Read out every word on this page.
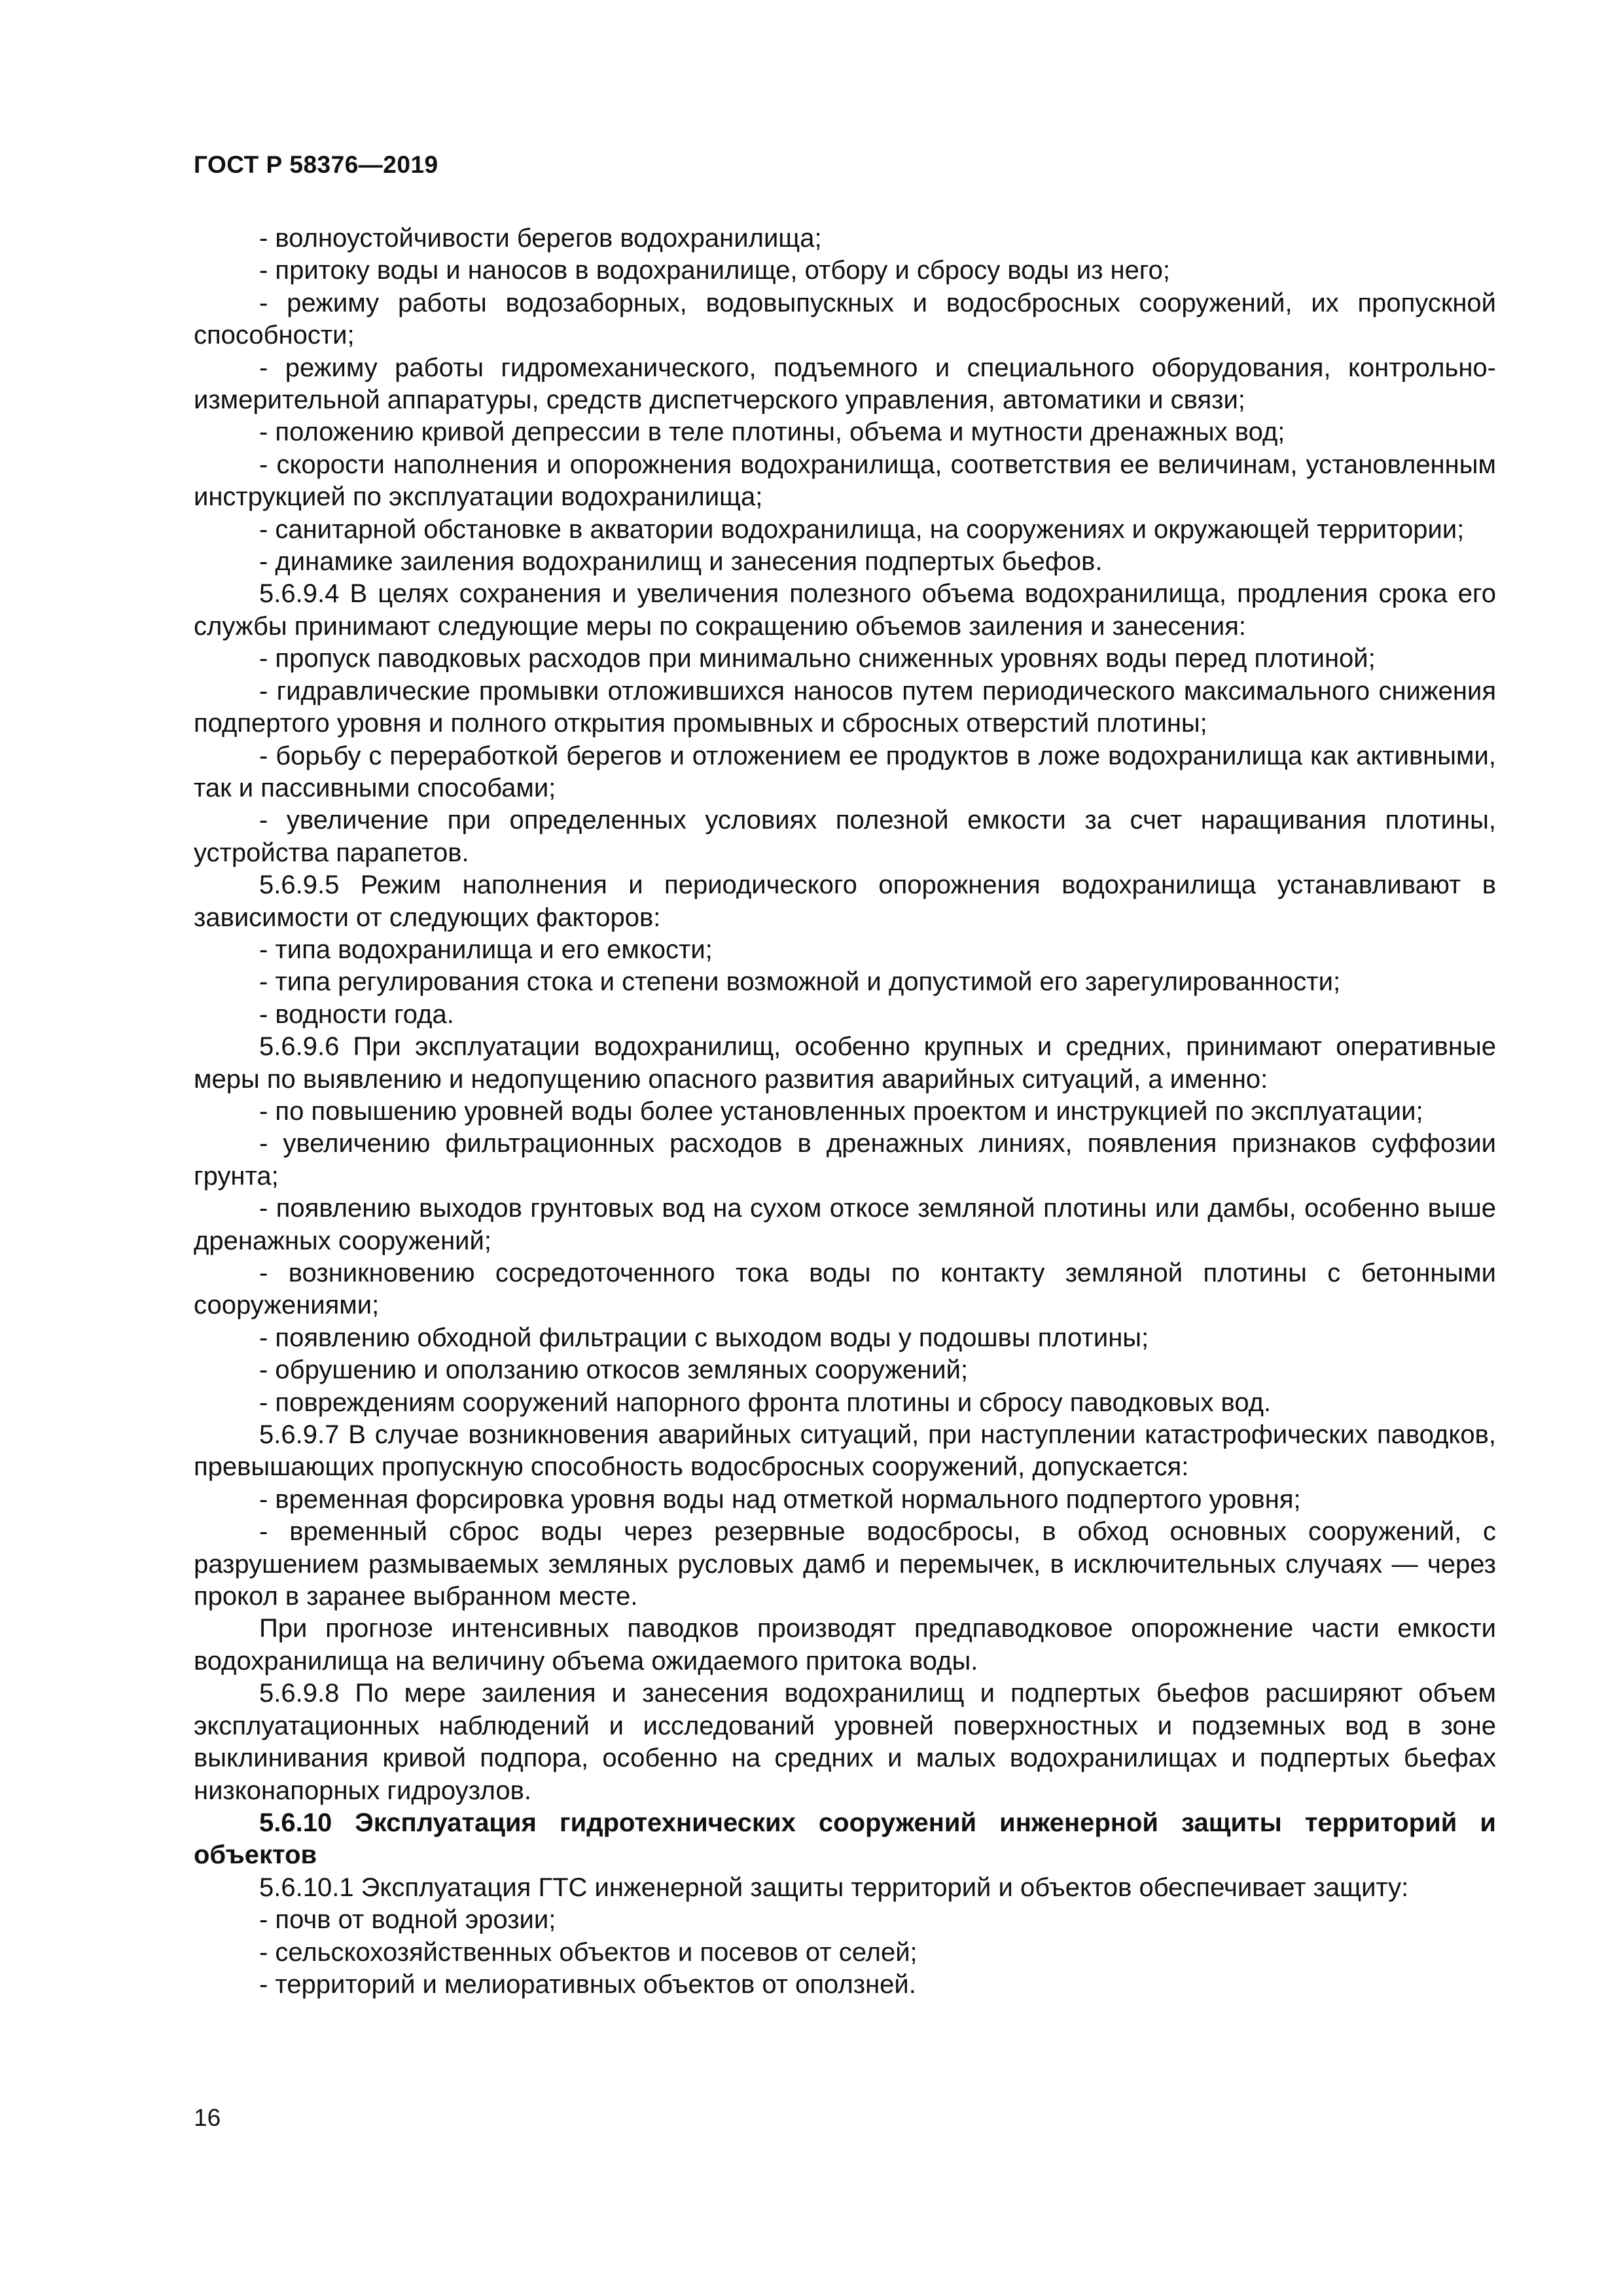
ГОСТ Р 58376—2019

- волноустойчивости берегов водохранилища;

- притоку воды и наносов в водохранилище, отбору и сбросу воды из него;

- режиму работы водозаборных, водовыпускных и водосбросных сооружений, их пропускной способности;

- режиму работы гидромеханического, подъемного и специального оборудования, контрольно-измерительной аппаратуры, средств диспетчерского управления, автоматики и связи;

- положению кривой депрессии в теле плотины, объема и мутности дренажных вод;

- скорости наполнения и опорожнения водохранилища, соответствия ее величинам, установленным инструкцией по эксплуатации водохранилища;

- санитарной обстановке в акватории водохранилища, на сооружениях и окружающей территории;

- динамике заиления водохранилищ и занесения подпертых бьефов.

5.6.9.4 В целях сохранения и увеличения полезного объема водохранилища, продления срока его службы принимают следующие меры по сокращению объемов заиления и занесения:

- пропуск паводковых расходов при минимально сниженных уровнях воды перед плотиной;

- гидравлические промывки отложившихся наносов путем периодического максимального снижения подпертого уровня и полного открытия промывных и сбросных отверстий плотины;

- борьбу с переработкой берегов и отложением ее продуктов в ложе водохранилища как активными, так и пассивными способами;

- увеличение при определенных условиях полезной емкости за счет наращивания плотины, устройства парапетов.

5.6.9.5 Режим наполнения и периодического опорожнения водохранилища устанавливают в зависимости от следующих факторов:

- типа водохранилища и его емкости;

- типа регулирования стока и степени возможной и допустимой его зарегулированности;

- водности года.

5.6.9.6 При эксплуатации водохранилищ, особенно крупных и средних, принимают оперативные меры по выявлению и недопущению опасного развития аварийных ситуаций, а именно:

- по повышению уровней воды более установленных проектом и инструкцией по эксплуатации;

- увеличению фильтрационных расходов в дренажных линиях, появления признаков суффозии грунта;

- появлению выходов грунтовых вод на сухом откосе земляной плотины или дамбы, особенно выше дренажных сооружений;

- возникновению сосредоточенного тока воды по контакту земляной плотины с бетонными сооружениями;

- появлению обходной фильтрации с выходом воды у подошвы плотины;

- обрушению и оползанию откосов земляных сооружений;

- повреждениям сооружений напорного фронта плотины и сбросу паводковых вод.

5.6.9.7 В случае возникновения аварийных ситуаций, при наступлении катастрофических паводков, превышающих пропускную способность водосбросных сооружений, допускается:

- временная форсировка уровня воды над отметкой нормального подпертого уровня;

- временный сброс воды через резервные водосбросы, в обход основных сооружений, с разрушением размываемых земляных русловых дамб и перемычек, в исключительных случаях — через прокол в заранее выбранном месте.

При прогнозе интенсивных паводков производят предпаводковое опорожнение части емкости водохранилища на величину объема ожидаемого притока воды.

5.6.9.8 По мере заиления и занесения водохранилищ и подпертых бьефов расширяют объем эксплуатационных наблюдений и исследований уровней поверхностных и подземных вод в зоне выклинивания кривой подпора, особенно на средних и малых водохранилищах и подпертых бьефах низконапорных гидроузлов.

5.6.10 Эксплуатация гидротехнических сооружений инженерной защиты территорий и объектов

5.6.10.1 Эксплуатация ГТС инженерной защиты территорий и объектов обеспечивает защиту:

- почв от водной эрозии;

- сельскохозяйственных объектов и посевов от селей;

- территорий и мелиоративных объектов от оползней.

16
